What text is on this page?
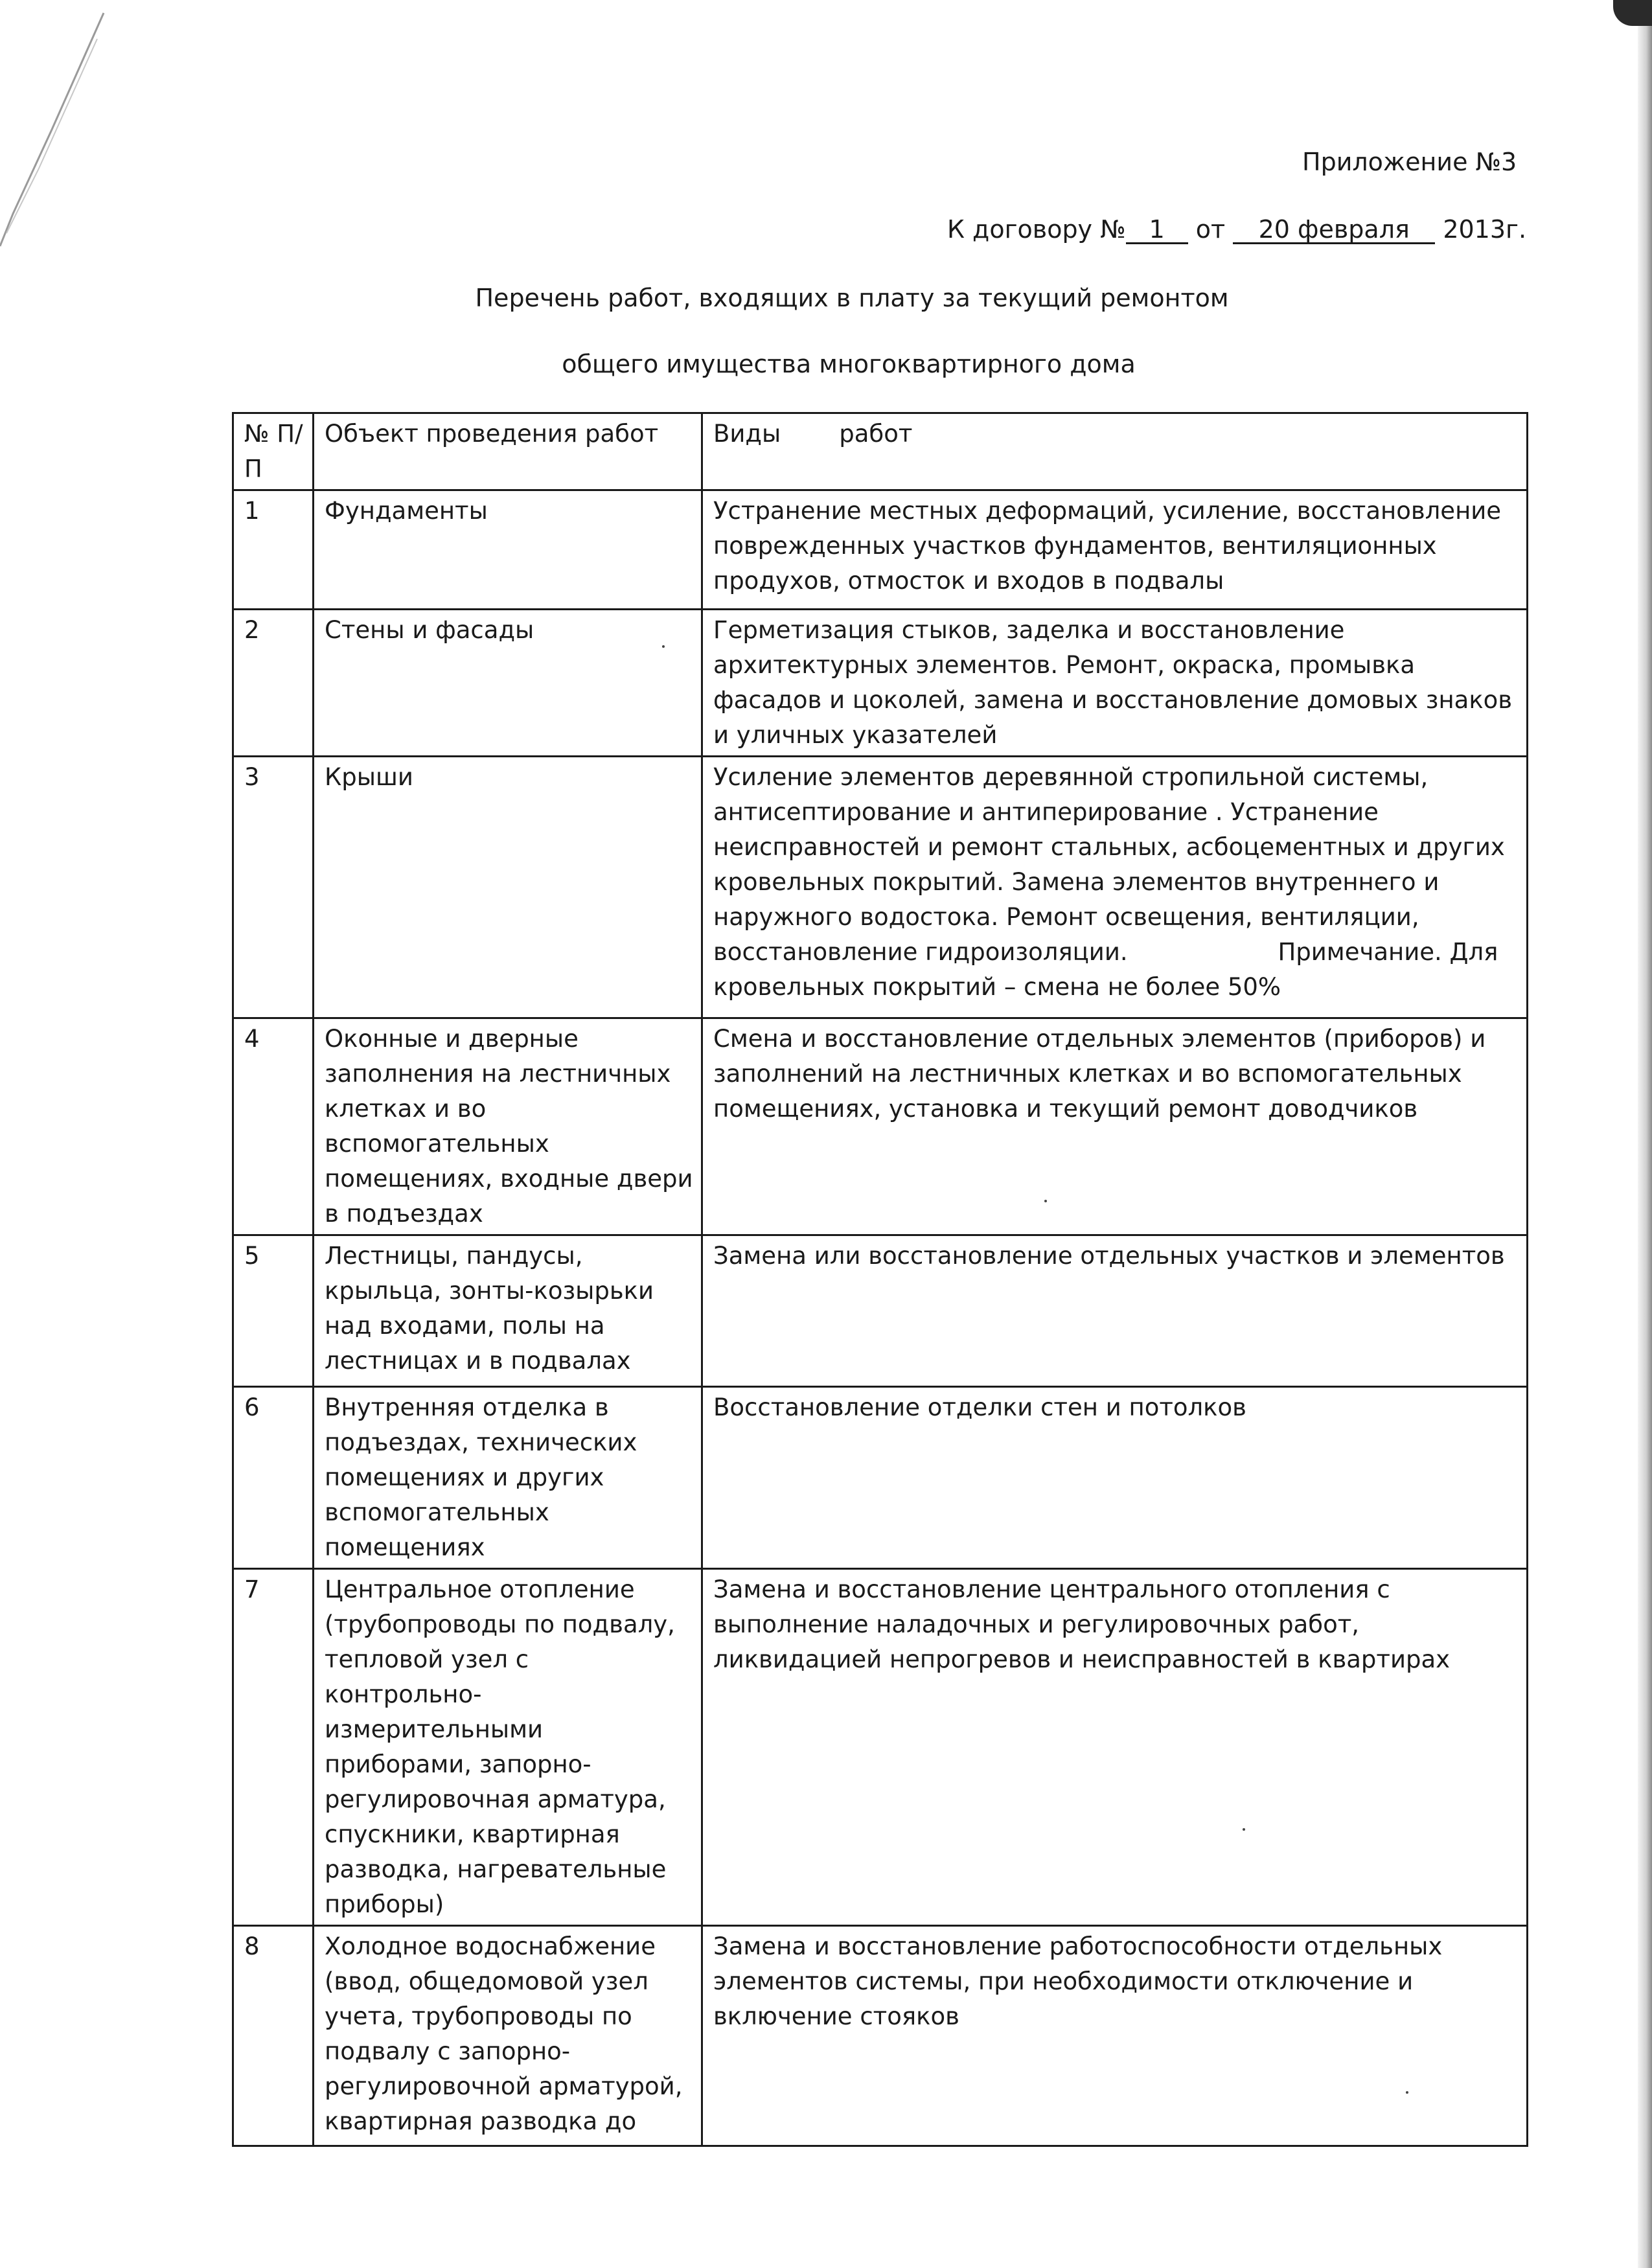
Приложение №3
К договору № 1 от 20 февраля 2013г.
Перечень работ, входящих в плату за текущий ремонтом
общего имущества многоквартирного дома
№ П/П	Объект проведения работ	Виды работ
1	Фундаменты	Устранение местных деформаций, усиление, восстановление поврежденных участков фундаментов, вентиляционных продухов, отмосток и входов в подвалы
2	Стены и фасады	Герметизация стыков, заделка и восстановление архитектурных элементов. Ремонт, окраска, промывка фасадов и цоколей, замена и восстановление домовых знаков и уличных указателей
3	Крыши	Усиление элементов деревянной стропильной системы, антисептирование и антиперирование . Устранение неисправностей и ремонт стальных, асбоцементных и других кровельных покрытий. Замена элементов внутреннего и наружного водостока. Ремонт освещения, вентиляции, восстановление гидроизоляции. Примечание. Для кровельных покрытий – смена не более 50%
4	Оконные и дверные заполнения на лестничных клетках и во вспомогательных помещениях, входные двери в подъездах	Смена и восстановление отдельных элементов (приборов) и заполнений на лестничных клетках и во вспомогательных помещениях, установка и текущий ремонт доводчиков
5	Лестницы, пандусы, крыльца, зонты-козырьки над входами, полы на лестницах и в подвалах	Замена или восстановление отдельных участков и элементов
6	Внутренняя отделка в подъездах, технических помещениях и других вспомогательных помещениях	Восстановление отделки стен и потолков
7	Центральное отопление (трубопроводы по подвалу, тепловой узел с контрольно-измерительными приборами, запорно-регулировочная арматура, спускники, квартирная разводка, нагревательные приборы)	Замена и восстановление центрального отопления с выполнение наладочных и регулировочных работ, ликвидацией непрогревов и неисправностей в квартирах
8	Холодное водоснабжение (ввод, общедомовой узел учета, трубопроводы по подвалу с запорно-регулировочной арматурой, квартирная разводка до	Замена и восстановление работоспособности отдельных элементов системы, при необходимости отключение и включение стояков
